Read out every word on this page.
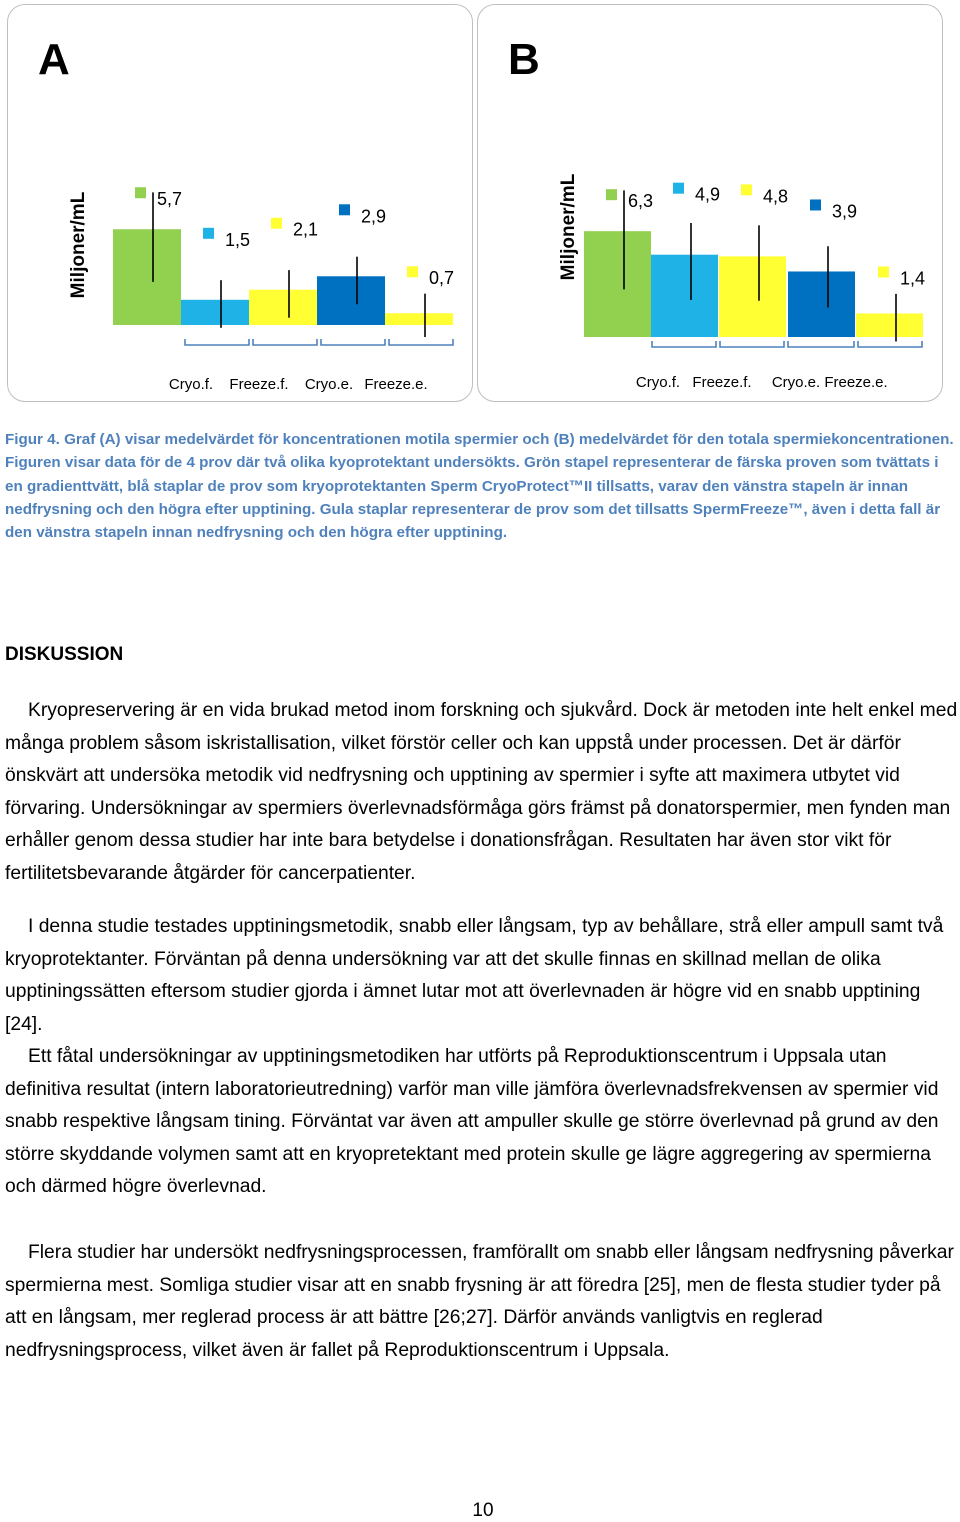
A
Miljoner/mL	5,7
1,5
2,1
2,9
0,7
Cryo.f. Freeze.f. Cryo.e. Freeze.e.
B
Miljoner/mL	6,3 4,9 4,8
3,9
1,4
Cryo.f. Freeze.f. Cryo.e. Freeze.e.
Figur 4. Graf (A) visar medelvärdet för koncentrationen motila spermier och (B) medelvärdet för den totala spermiekoncentrationen. Figuren visar data för de 4 prov där två olika kyoprotektant undersökts. Grön stapel representerar de färska proven som tvättats i en gradienttvätt, blå staplar de prov som kryoprotektanten Sperm CryoProtect™II tillsatts, varav den vänstra stapeln är innan nedfrysning och den högra efter upptining. Gula staplar representerar de prov som det tillsatts SpermFreeze™, även i detta fall är den vänstra stapeln innan nedfrysning och den högra efter upptining.
DISKUSSION

Kryopreservering är en vida brukad metod inom forskning och sjukvård. Dock är metoden inte helt enkel med många problem såsom iskristallisation, vilket förstör celler och kan uppstå under processen. Det är därför önskvärt att undersöka metodik vid nedfrysning och upptining av spermier i syfte att maximera utbytet vid förvaring. Undersökningar av spermiers överlevnadsförmåga görs främst på donatorspermier, men fynden man erhåller genom dessa studier har inte bara betydelse i donationsfrågan. Resultaten har även stor vikt för fertilitetsbevarande åtgärder för cancerpatienter.

I denna studie testades upptiningsmetodik, snabb eller långsam, typ av behållare, strå eller ampull samt två kryoprotektanter. Förväntan på denna undersökning var att det skulle finnas en skillnad mellan de olika upptiningssätten eftersom studier gjorda i ämnet lutar mot att överlevnaden är högre vid en snabb upptining [24].

Ett fåtal undersökningar av upptiningsmetodiken har utförts på Reproduktionscentrum i Uppsala utan definitiva resultat (intern laboratorieutredning) varför man ville jämföra överlevnadsfrekvensen av spermier vid snabb respektive långsam tining. Förväntat var även att ampuller skulle ge större överlevnad på grund av den större skyddande volymen samt att en kryopretektant med protein skulle ge lägre aggregering av spermierna och därmed högre överlevnad.

Flera studier har undersökt nedfrysningsprocessen, framförallt om snabb eller långsam nedfrysning påverkar spermierna mest. Somliga studier visar att en snabb frysning är att föredra [25], men de flesta studier tyder på att en långsam, mer reglerad process är att bättre [26;27]. Därför används vanligtvis en reglerad nedfrysningsprocess, vilket även är fallet på Reproduktionscentrum i Uppsala.

10
